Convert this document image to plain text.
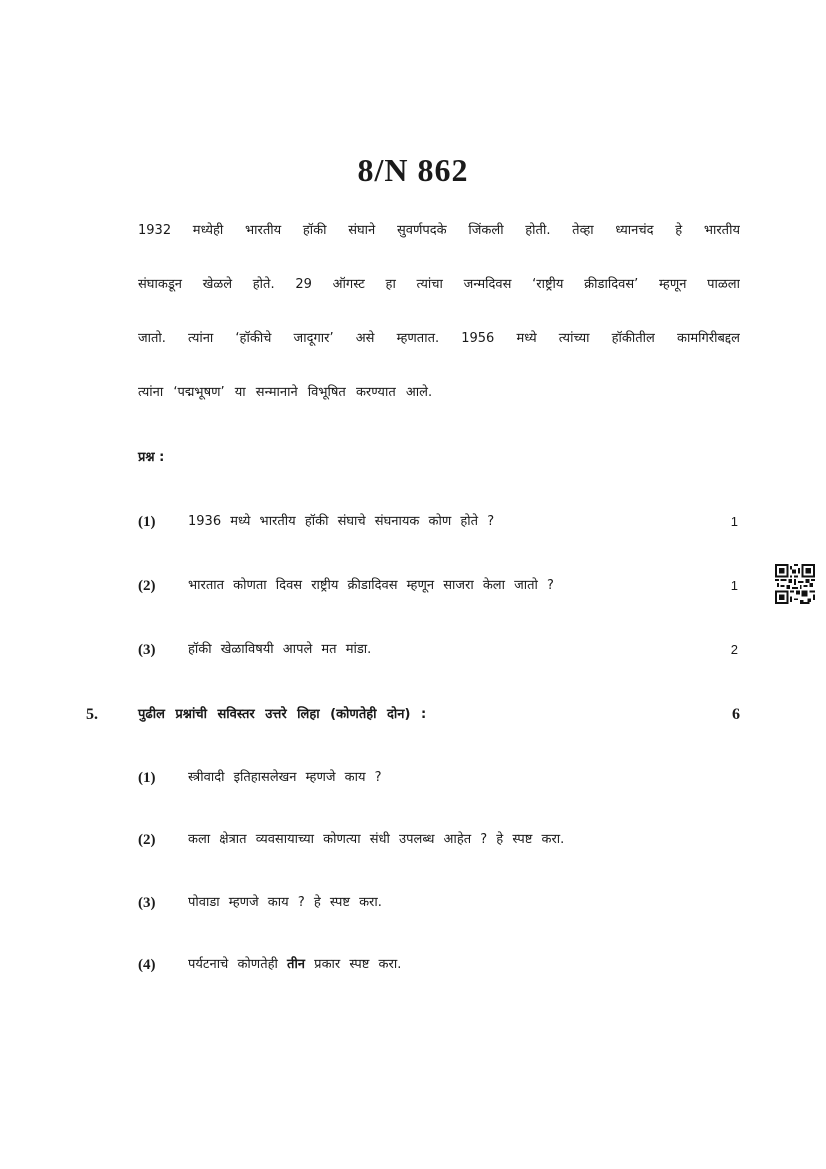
8/N 862
1932 मध्येही भारतीय हॉकी संघाने सुवर्णपदके जिंकली होती. तेव्हा ध्यानचंद हे भारतीय
संघाकडून खेळले होते. 29 ऑगस्ट हा त्यांचा जन्मदिवस ‘राष्ट्रीय क्रीडादिवस’ म्हणून पाळला
जातो. त्यांना ‘हॉकीचे जादूगार’ असे म्हणतात. 1956 मध्ये त्यांच्या हॉकीतील कामगिरीबद्दल
त्यांना ‘पद्मभूषण’ या सन्मानाने विभूषित करण्यात आले.
प्रश्न :
(1)	1936 मध्ये भारतीय हॉकी संघाचे संघनायक कोण होते ?	1
(2)	भारतात कोणता दिवस राष्ट्रीय क्रीडादिवस म्हणून साजरा केला जातो ?	1
(3)	हॉकी खेळाविषयी आपले मत मांडा.	2
5.	पुढील प्रश्नांची सविस्तर उत्तरे लिहा (कोणतेही दोन) :	6
(1)	स्त्रीवादी इतिहासलेखन म्हणजे काय ?
(2)	कला क्षेत्रात व्यवसायाच्या कोणत्या संधी उपलब्ध आहेत ? हे स्पष्ट करा.
(3)	पोवाडा म्हणजे काय ? हे स्पष्ट करा.
(4)	पर्यटनाचे कोणतेही तीन प्रकार स्पष्ट करा.
